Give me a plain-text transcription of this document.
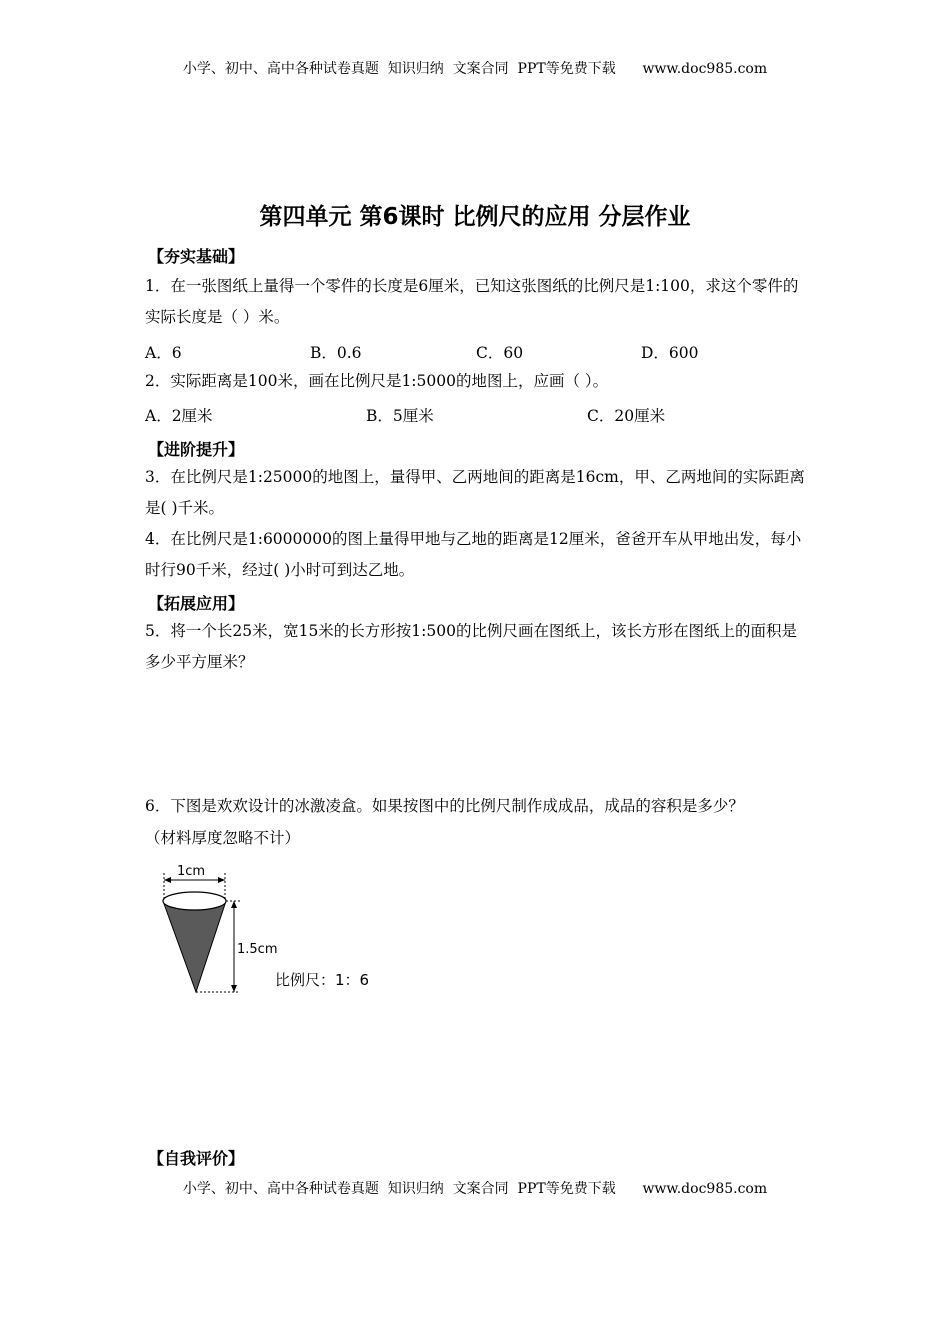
小学、初中、高中各种试卷真题  知识归纳  文案合同  PPT等免费下载      www.doc985.com
第四单元 第6课时 比例尺的应用 分层作业
【夯实基础】
1．在一张图纸上量得一个零件的长度是6厘米，已知这张图纸的比例尺是1:100，求这个零件的实际长度是（ ）米。
A．6	B．0.6	C．60	D．600
2．实际距离是100米，画在比例尺是1:5000的地图上，应画（ ）。
A．2厘米	B．5厘米	C．20厘米
【进阶提升】
3．在比例尺是1:25000的地图上，量得甲、乙两地间的距离是16cm，甲、乙两地间的实际距离是( )千米。
4．在比例尺是1:6000000的图上量得甲地与乙地的距离是12厘米，爸爸开车从甲地出发，每小时行90千米，经过( )小时可到达乙地。
【拓展应用】
5．将一个长25米，宽15米的长方形按1:500的比例尺画在图纸上，该长方形在图纸上的面积是多少平方厘米？
6．下图是欢欢设计的冰激凌盒。如果按图中的比例尺制作成成品，成品的容积是多少？
（材料厚度忽略不计）
1cm
1.5cm
比例尺：1：6
【自我评价】
小学、初中、高中各种试卷真题  知识归纳  文案合同  PPT等免费下载      www.doc985.com
